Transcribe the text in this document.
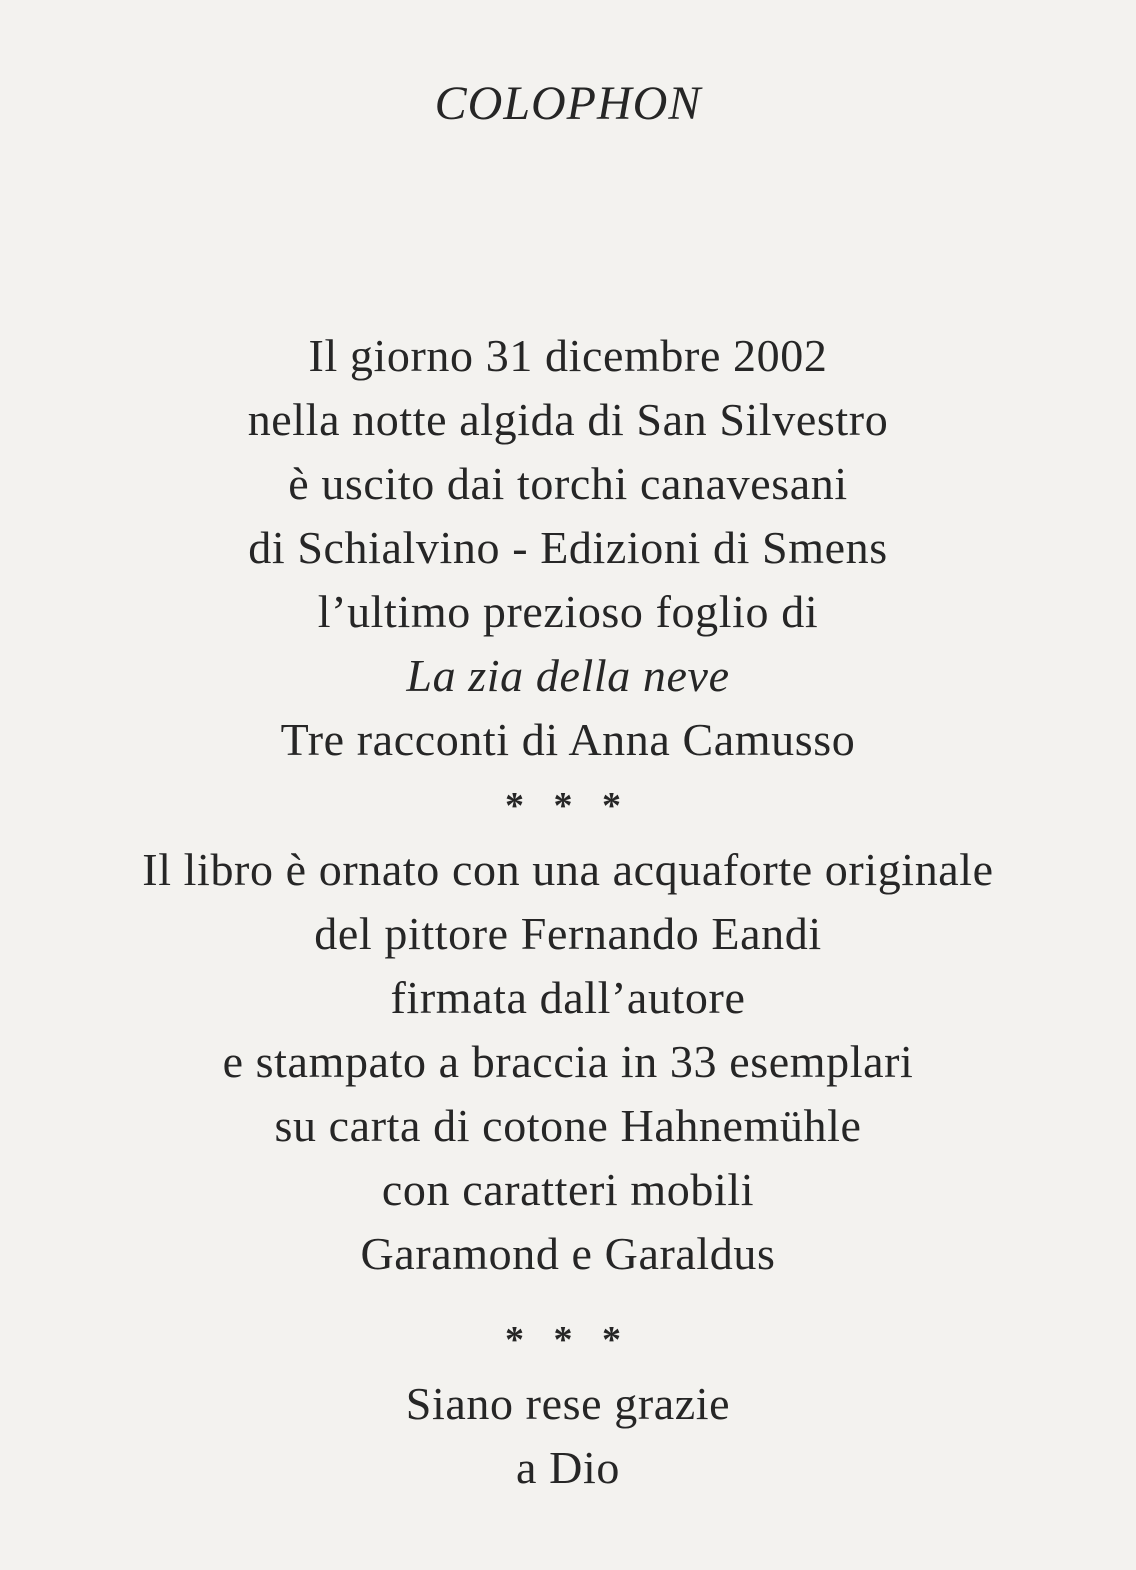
COLOPHON
Il giorno 31 dicembre 2002
nella notte algida di San Silvestro
è uscito dai torchi canavesani
di Schialvino - Edizioni di Smens
l’ultimo prezioso foglio di
La zia della neve
Tre racconti di Anna Camusso
* * *
Il libro è ornato con una acquaforte originale
del pittore Fernando Eandi
firmata dall’autore
e stampato a braccia in 33 esemplari
su carta di cotone Hahnemühle
con caratteri mobili
Garamond e Garaldus
* * *
Siano rese grazie
a Dio
